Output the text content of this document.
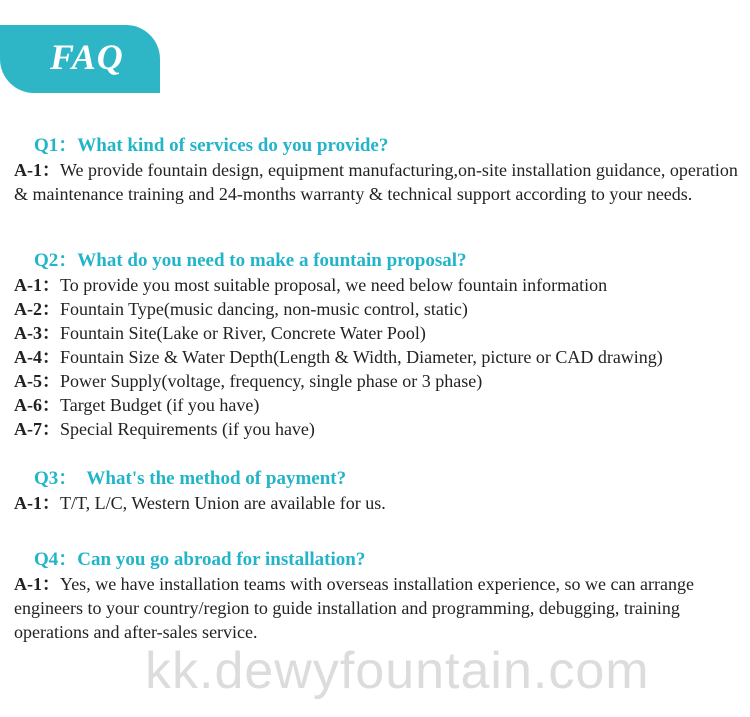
FAQ

Q1：What kind of services do you provide?

A-1：We provide fountain design, equipment manufacturing,on-site installation guidance, operation & maintenance training and 24-months warranty & technical support according to your needs.

Q2：What do you need to make a fountain proposal?

A-1：To provide you most suitable proposal, we need below fountain information

A-2：Fountain Type(music dancing, non-music control, static)

A-3：Fountain Site(Lake or River, Concrete Water Pool)

A-4：Fountain Size & Water Depth(Length & Width, Diameter, picture or CAD drawing)

A-5：Power Supply(voltage, frequency, single phase or 3 phase)

A-6：Target Budget (if you have)

A-7：Special Requirements (if you have)

Q3：  What's the method of payment?

A-1：T/T, L/C, Western Union are available for us.

Q4：Can you go abroad for installation?

A-1：Yes, we have installation teams with overseas installation experience, so we can arrange engineers to your country/region to guide installation and programming, debugging, training operations and after-sales service.

kk.dewyfountain.com
